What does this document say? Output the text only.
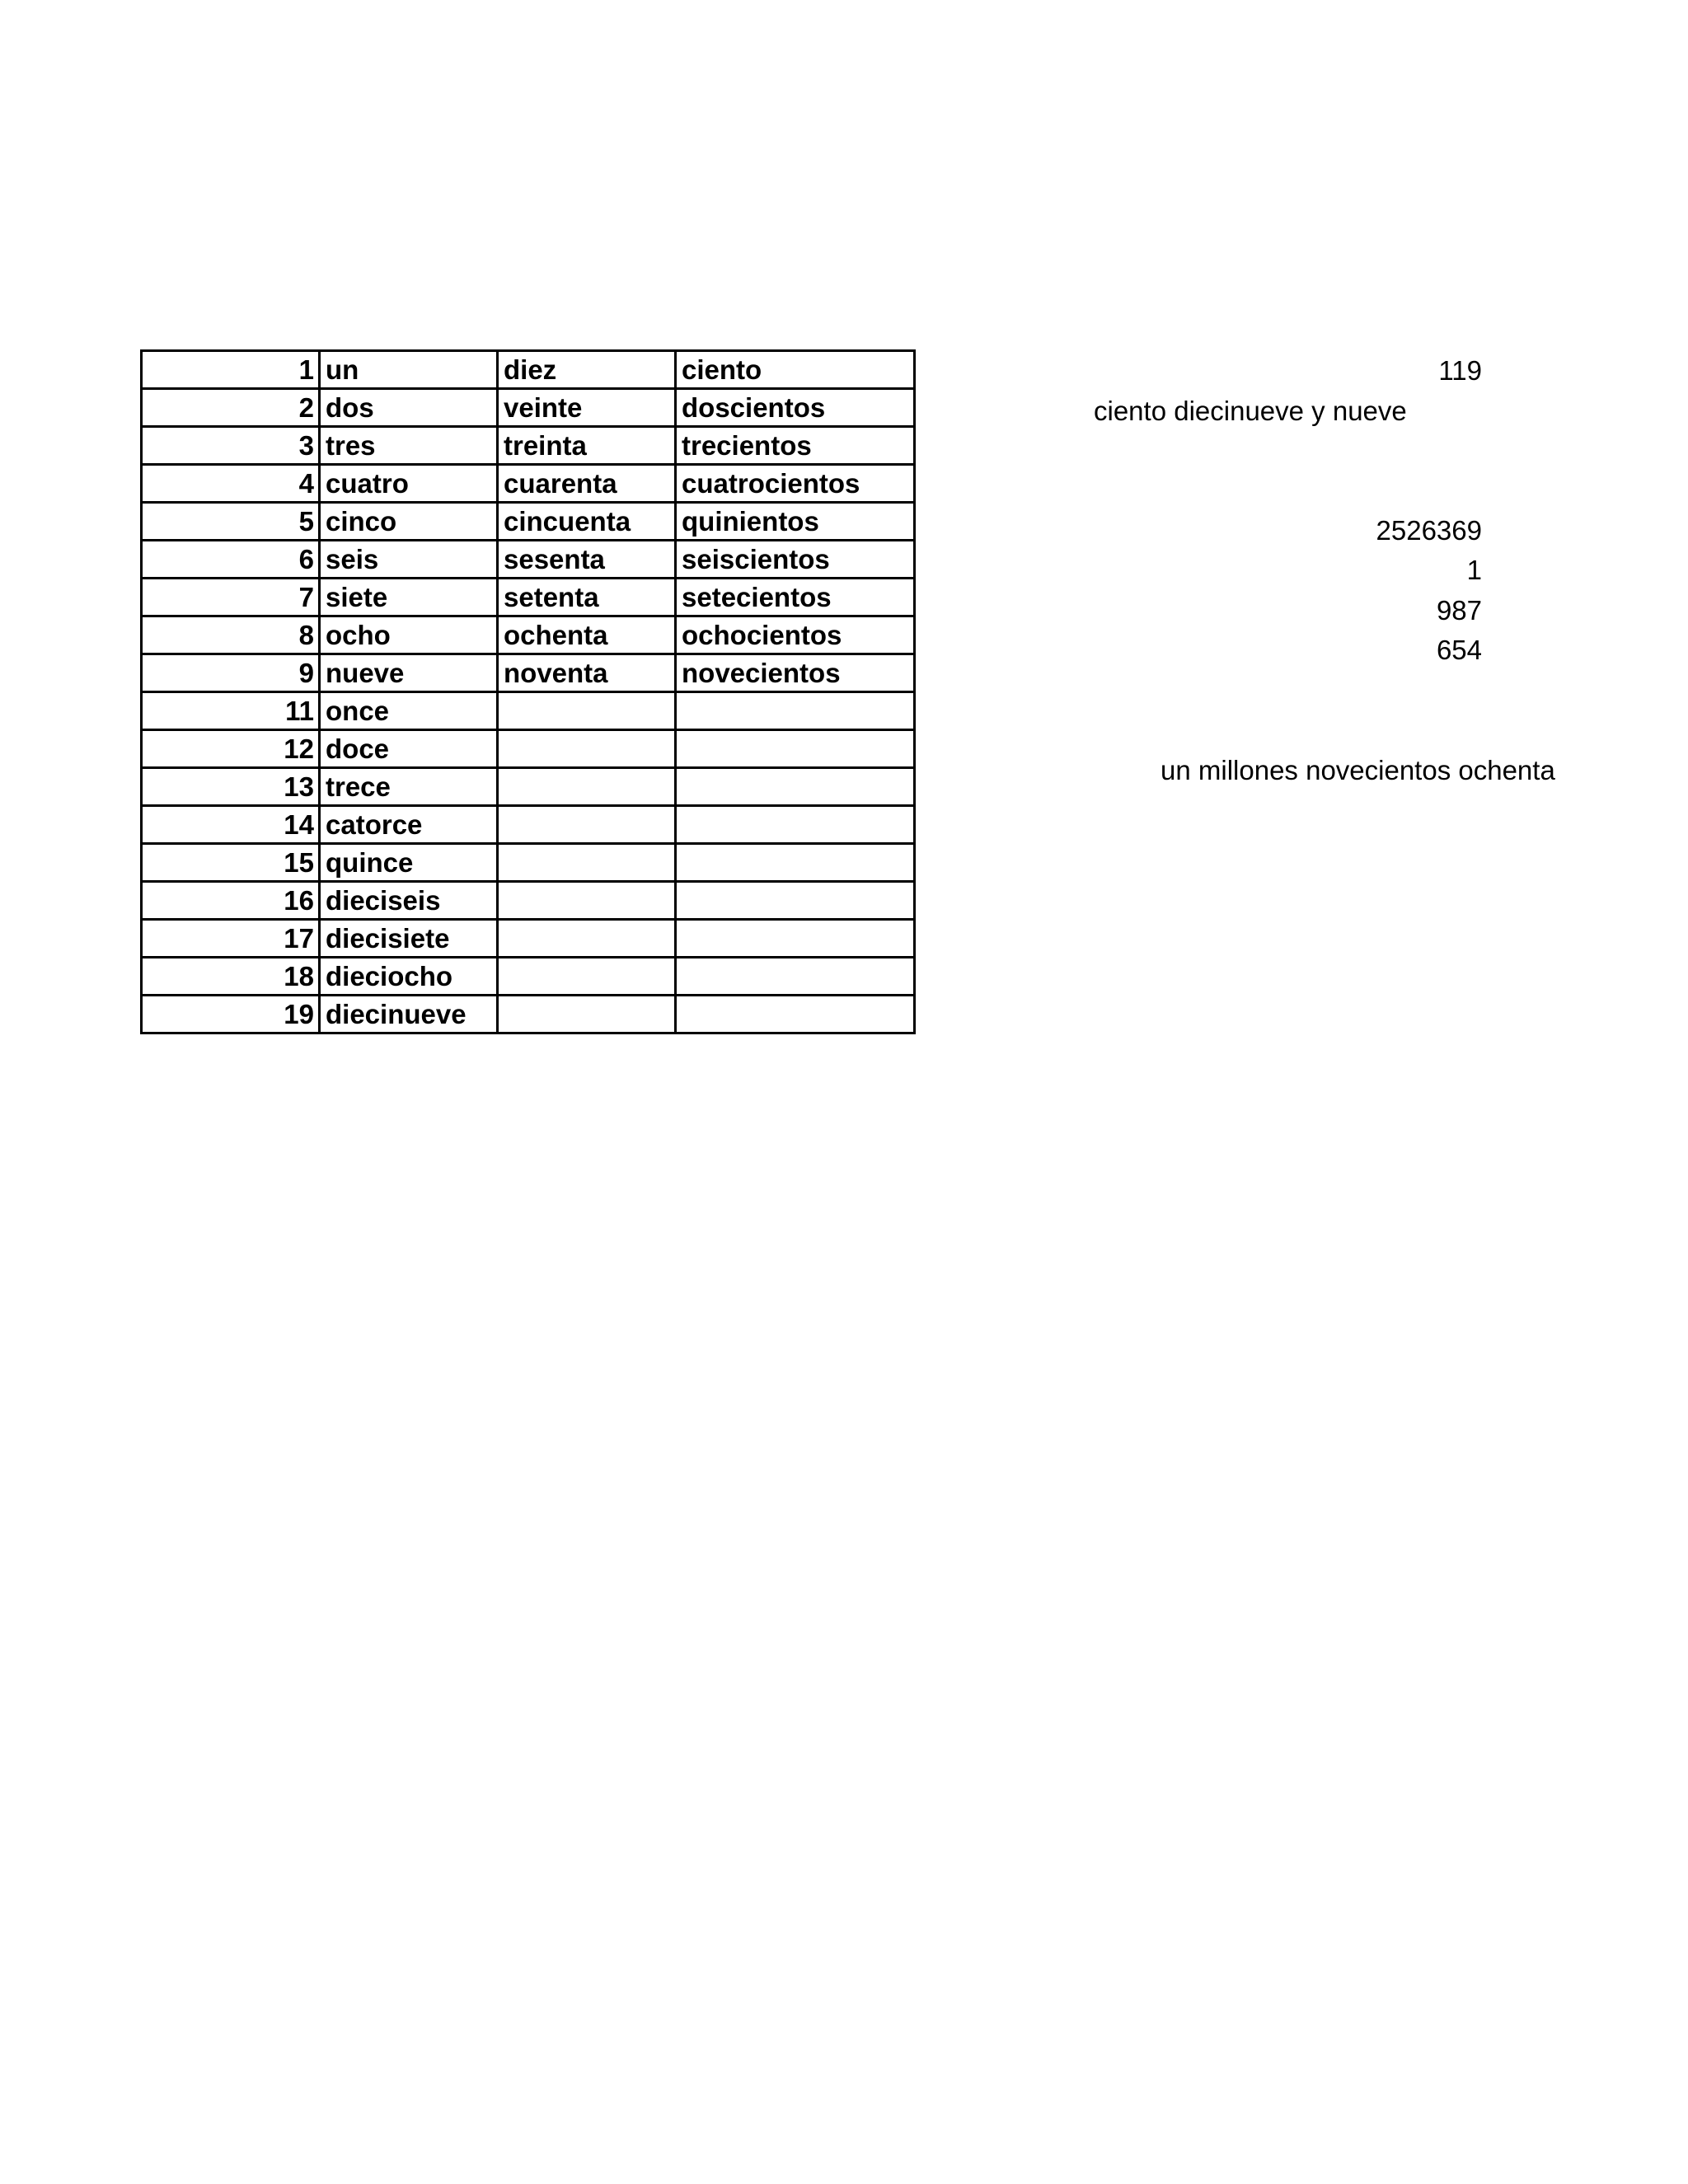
1	un	diez	ciento
2	dos	veinte	doscientos
3	tres	treinta	trecientos
4	cuatro	cuarenta	cuatrocientos
5	cinco	cincuenta	quinientos
6	seis	sesenta	seiscientos
7	siete	setenta	setecientos
8	ocho	ochenta	ochocientos
9	nueve	noventa	novecientos
11	once		
12	doce		
13	trece		
14	catorce		
15	quince		
16	dieciseis		
17	diecisiete		
18	dieciocho		
19	diecinueve		
119
ciento diecinueve y nueve
2526369
1
987
654
un millones novecientos ochenta
